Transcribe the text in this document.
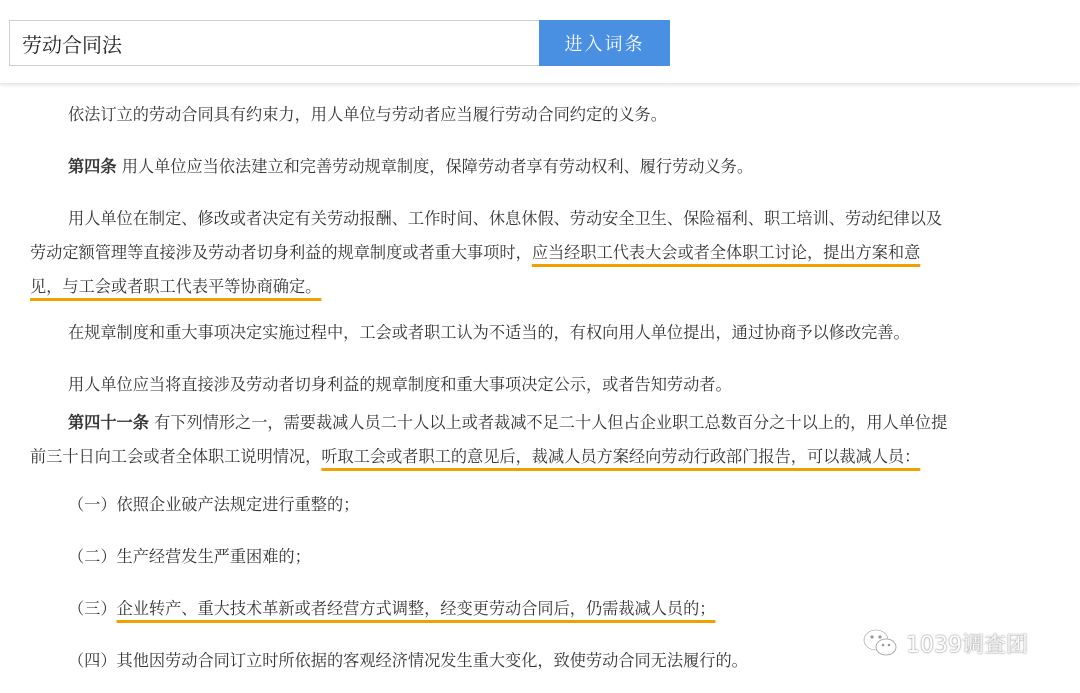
劳动合同法
进入词条
依法订立的劳动合同具有约束力，用人单位与劳动者应当履行劳动合同约定的义务。
第四条 用人单位应当依法建立和完善劳动规章制度，保障劳动者享有劳动权利、履行劳动义务。
用人单位在制定、修改或者决定有关劳动报酬、工作时间、休息休假、劳动安全卫生、保险福利、职工培训、劳动纪律以及
劳动定额管理等直接涉及劳动者切身利益的规章制度或者重大事项时，应当经职工代表大会或者全体职工讨论，提出方案和意
见，与工会或者职工代表平等协商确定。
在规章制度和重大事项决定实施过程中，工会或者职工认为不适当的，有权向用人单位提出，通过协商予以修改完善。
用人单位应当将直接涉及劳动者切身利益的规章制度和重大事项决定公示，或者告知劳动者。
第四十一条 有下列情形之一，需要裁减人员二十人以上或者裁减不足二十人但占企业职工总数百分之十以上的，用人单位提
前三十日向工会或者全体职工说明情况，听取工会或者职工的意见后，裁减人员方案经向劳动行政部门报告，可以裁减人员：
（一）依照企业破产法规定进行重整的；
（二）生产经营发生严重困难的；
（三）企业转产、重大技术革新或者经营方式调整，经变更劳动合同后，仍需裁减人员的；
（四）其他因劳动合同订立时所依据的客观经济情况发生重大变化，致使劳动合同无法履行的。
1039调查团
